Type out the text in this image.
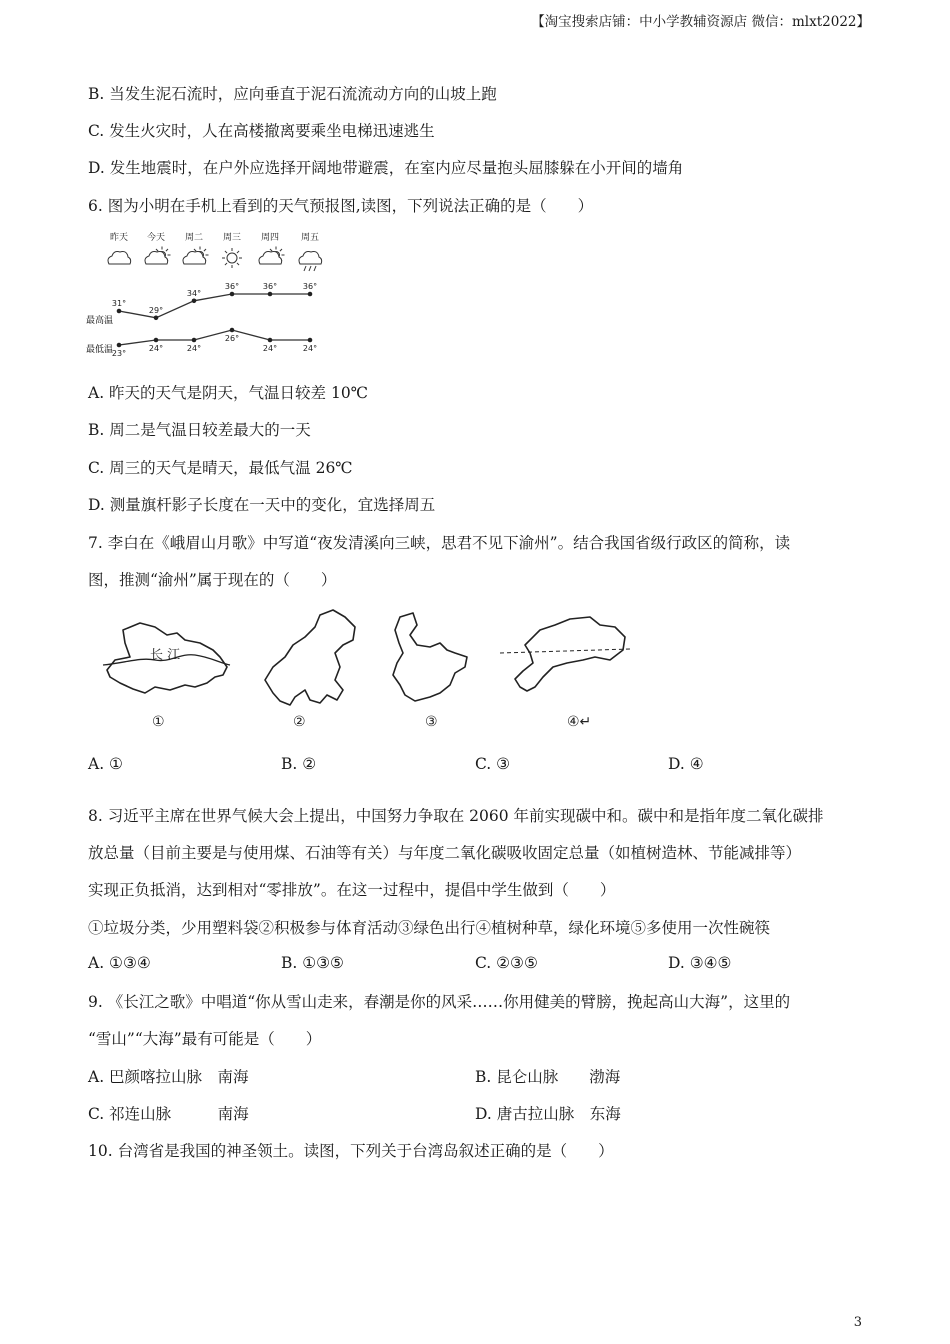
【淘宝搜索店铺：中小学教辅资源店 微信：mlxt2022】
B. 当发生泥石流时，应向垂直于泥石流流动方向的山坡上跑
C. 发生火灾时，人在高楼撤离要乘坐电梯迅速逃生
D. 发生地震时，在户外应选择开阔地带避震，在室内应尽量抱头屈膝躲在小开间的墙角
6. 图为小明在手机上看到的天气预报图,读图，下列说法正确的是（　　）
昨天 今天 周二 周三 周四 周五
31°
29°
34°
36°	36°	36°
23°
24°	24°
26°
24°	24°
最高温
最低温
A. 昨天的天气是阴天，气温日较差 10℃
B. 周二是气温日较差最大的一天
C. 周三的天气是晴天，最低气温 26℃
D. 测量旗杆影子长度在一天中的变化，宜选择周五
7. 李白在《峨眉山月歌》中写道“夜发清溪向三峡，思君不见下渝州”。结合我国省级行政区的简称，读
图，推测“渝州”属于现在的（　　）
长 江
①	②	③	④↵
A. ①	B. ②	C. ③	D. ④
8. 习近平主席在世界气候大会上提出，中国努力争取在 2060 年前实现碳中和。碳中和是指年度二氧化碳排
放总量（目前主要是与使用煤、石油等有关）与年度二氧化碳吸收固定总量（如植树造林、节能减排等）
实现正负抵消，达到相对“零排放”。在这一过程中，提倡中学生做到（　　）
①垃圾分类，少用塑料袋②积极参与体育活动③绿色出行④植树种草，绿化环境⑤多使用一次性碗筷
A. ①③④	B. ①③⑤	C. ②③⑤	D. ③④⑤
9. 《长江之歌》中唱道“你从雪山走来，春潮是你的风采……你用健美的臂膀，挽起高山大海”，这里的
“雪山”“大海”最有可能是（　　）
A. 巴颜喀拉山脉　南海	B. 昆仑山脉　　渤海
C. 祁连山脉　　　南海	D. 唐古拉山脉　东海
10. 台湾省是我国的神圣领土。读图，下列关于台湾岛叙述正确的是（　　）
3
